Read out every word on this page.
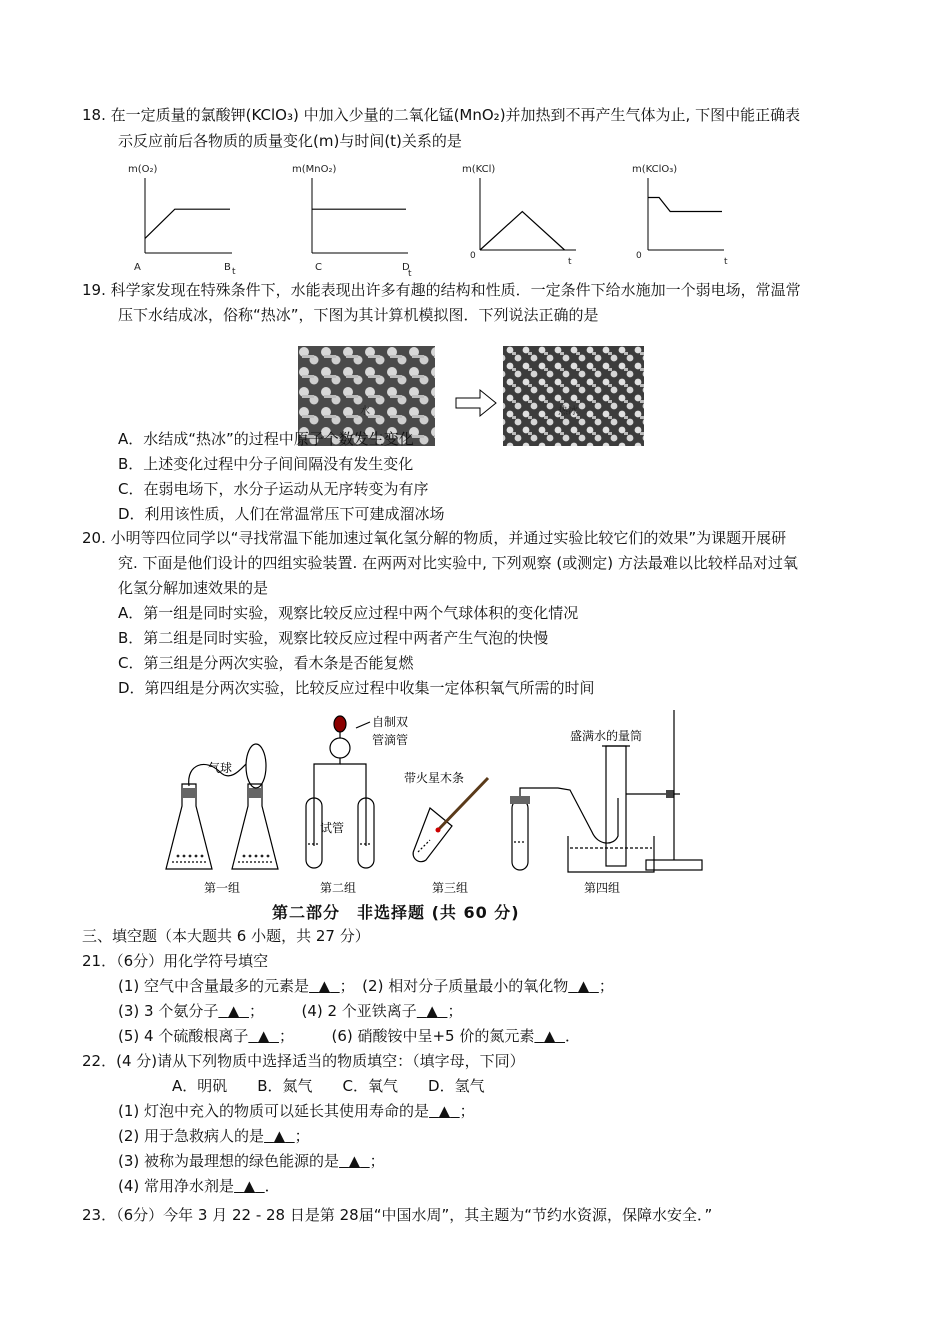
18. 在一定质量的氯酸钾(KClO₃) 中加入少量的二氧化锰(MnO₂)并加热到不再产生气体为止, 下图中能正确表
示反应前后各物质的质量变化(m)与时间(t)关系的是
m(O₂)
A	t
m(MnO₂)
B	C	D
t
m(KCl)
0
t
m(KClO₃)
0
t
19. 科学家发现在特殊条件下，水能表现出许多有趣的结构和性质．一定条件下给水施加一个弱电场，常温常
压下水结成冰，俗称“热冰”，下图为其计算机模拟图．下列说法正确的是
水	热冰
A．水结成“热冰”的过程中原子个数发生变化
B．上述变化过程中分子间间隔没有发生变化
C．在弱电场下，水分子运动从无序转变为有序
D．利用该性质，人们在常温常压下可建成溜冰场
20. 小明等四位同学以“寻找常温下能加速过氧化氢分解的物质，并通过实验比较它们的效果”为课题开展研
究. 下面是他们设计的四组实验装置. 在两两对比实验中, 下列观察 (或测定) 方法最难以比较样品对过氧
化氢分解加速效果的是
A．第一组是同时实验，观察比较反应过程中两个气球体积的变化情况
B．第二组是同时实验，观察比较反应过程中两者产生气泡的快慢
C．第三组是分两次实验，看木条是否能复燃
D．第四组是分两次实验，比较反应过程中收集一定体积氧气所需的时间
气球
自制双
管滴管
试管
带火星木条
盛满水的量筒
第一组	第二组	第三组	第四组
第二部分　非选择题 (共 60 分)
三、填空题（本大题共 6 小题，共 27 分）
21．（6分）用化学符号填空
(1) 空气中含量最多的元素是 ▲ ；　(2) 相对分子质量最小的氧化物 ▲ ；
(3) 3 个氨分子 ▲ ；　　　(4) 2 个亚铁离子 ▲ ；
(5) 4 个硫酸根离子 ▲ ；　　　(6) 硝酸铵中呈+5 价的氮元素 ▲ ．
22．(4 分)请从下列物质中选择适当的物质填空：（填字母，下同）
A．明矾　　B．氮气　　C．氧气　　D．氢气
(1) 灯泡中充入的物质可以延长其使用寿命的是 ▲ ；
(2) 用于急救病人的是 ▲ ；
(3) 被称为最理想的绿色能源的是 ▲ ；
(4) 常用净水剂是 ▲ ．
23．（6分）今年 3 月 22 - 28 日是第 28届“中国水周”，其主题为“节约水资源，保障水安全．”
